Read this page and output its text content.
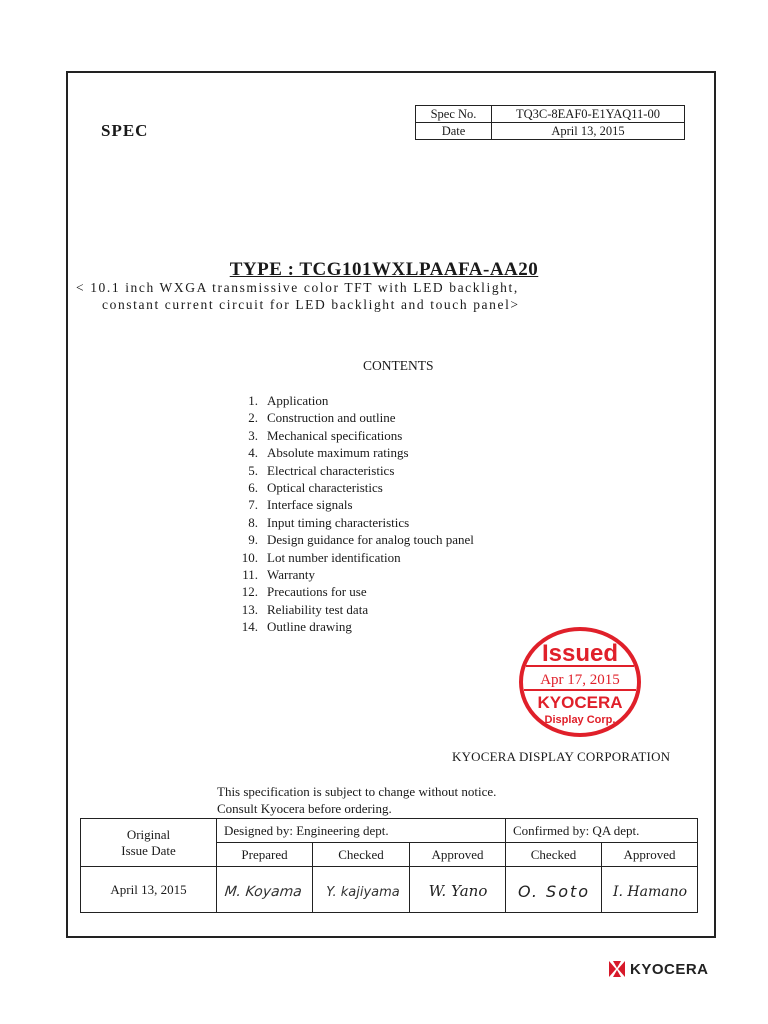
SPEC
Spec No.	TQ3C-8EAF0-E1YAQ11-00
Date	April 13, 2015
TYPE : TCG101WXLPAAFA-AA20
< 10.1 inch WXGA transmissive color TFT with LED backlight,
constant current circuit for LED backlight and touch panel>
CONTENTS
1. Application
2. Construction and outline
3. Mechanical specifications
4. Absolute maximum ratings
5. Electrical characteristics
6. Optical characteristics
7. Interface signals
8. Input timing characteristics
9. Design guidance for analog touch panel
10. Lot number identification
11. Warranty
12. Precautions for use
13. Reliability test data
14. Outline drawing
Issued
Apr 17, 2015
KYOCERA
Display Corp.
KYOCERA DISPLAY CORPORATION
This specification is subject to change without notice.
Consult Kyocera before ordering.
Original
Issue Date	Designed by: Engineering dept.			Confirmed by: QA dept.	
	Prepared	Checked	Approved	Checked	Approved
April 13, 2015	M. Koyama	Y. kajiyama	W. Yano	O. Soto	I. Hamano
KYOCERA
